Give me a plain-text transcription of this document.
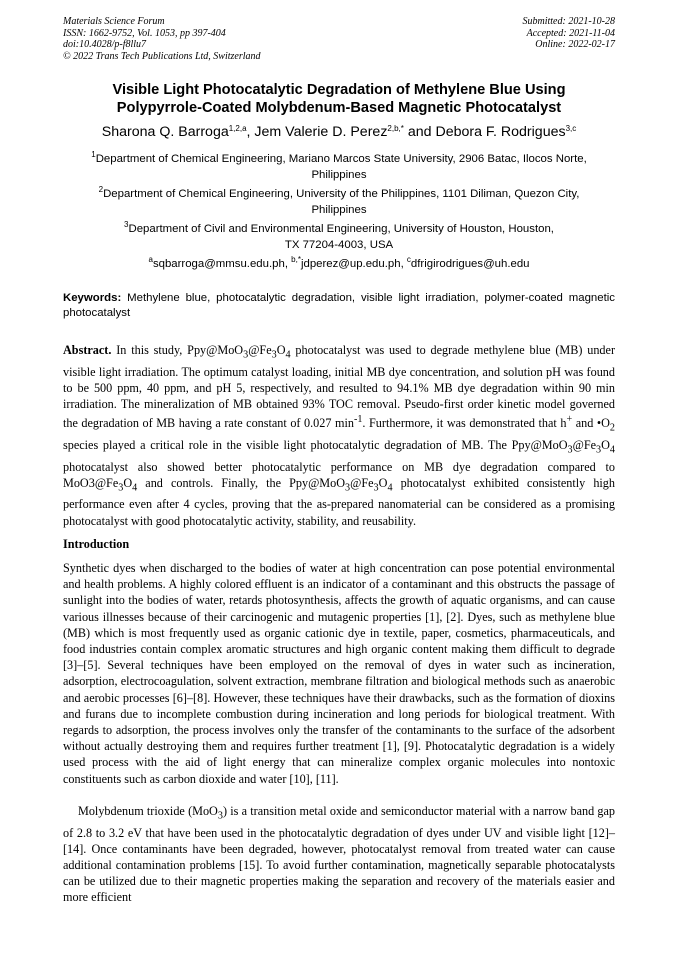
Materials Science Forum
ISSN: 1662-9752, Vol. 1053, pp 397-404
doi:10.4028/p-f8llu7
© 2022 Trans Tech Publications Ltd, Switzerland
Submitted: 2021-10-28
Accepted: 2021-11-04
Online: 2022-02-17
Visible Light Photocatalytic Degradation of Methylene Blue Using
Polypyrrole-Coated Molybdenum-Based Magnetic Photocatalyst
Sharona Q. Barroga$^{1,2,a}$, Jem Valerie D. Perez$^{2,b,*}$ and Debora F. Rodrigues$^{3,c}$
$^1$Department of Chemical Engineering, Mariano Marcos State University, 2906 Batac, Ilocos Norte,
Philippines
$^2$Department of Chemical Engineering, University of the Philippines, 1101 Diliman, Quezon City,
Philippines
$^3$Department of Civil and Environmental Engineering, University of Houston, Houston,
TX 77204-4003, USA
$^a$sqbarroga@mmsu.edu.ph, $^{b,*}$jdperez@up.edu.ph, $^c$dfrigirodrigues@uh.edu
Keywords: Methylene blue, photocatalytic degradation, visible light irradiation, polymer-coated magnetic photocatalyst
Abstract. In this study, $Ppy@MoO_3@Fe_3O_4$ photocatalyst was used to degrade methylene blue (MB) under visible light irradiation. The optimum catalyst loading, initial MB dye concentration, and solution pH was found to be 500 ppm, 40 ppm, and pH 5, respectively, and resulted to 94.1% MB dye degradation within 90 min irradiation. The mineralization of MB obtained 93% TOC removal. Pseudo-first order kinetic model governed the degradation of MB having a rate constant of 0.027 $\min^{-1}$. Furthermore, it was demonstrated that h+ and $•O_2$ species played a critical role in the visible light photocatalytic degradation of MB. The $Ppy@MoO_3@Fe_3O_4$ photocatalyst also showed better photocatalytic performance on MB dye degradation compared to $MoO3@Fe_3O_4$ and controls. Finally, the $Ppy@MoO_3@Fe_3O_4$ photocatalyst exhibited consistently high performance even after 4 cycles, proving that the as-prepared nanomaterial can be considered as a promising photocatalyst with good photocatalytic activity, stability, and reusability.
Introduction

Synthetic dyes when discharged to the bodies of water at high concentration can pose potential environmental and health problems. A highly colored effluent is an indicator of a contaminant and this obstructs the passage of sunlight into the bodies of water, retards photosynthesis, affects the growth of aquatic organisms, and can cause various illnesses because of their carcinogenic and mutagenic properties [1], [2]. Dyes, such as methylene blue (MB) which is most frequently used as organic cationic dye in textile, paper, cosmetics, pharmaceuticals, and food industries contain complex aromatic structures and high organic content making them difficult to degrade [3]–[5]. Several techniques have been employed on the removal of dyes in water such as incineration, adsorption, electrocoagulation, solvent extraction, membrane filtration and biological methods such as anaerobic and aerobic processes [6]–[8]. However, these techniques have their drawbacks, such as the formation of dioxins and furans due to incomplete combustion during incineration and long periods for biological treatment. With regards to adsorption, the process involves only the transfer of the contaminants to the surface of the adsorbent without actually destroying them and requires further treatment [1], [9]. Photocatalytic degradation is a widely used process with the aid of light energy that can mineralize complex organic molecules into nontoxic constituents such as carbon dioxide and water [10], [11].

Molybdenum trioxide (MoO$_3$) is a transition metal oxide and semiconductor material with a narrow band gap of 2.8 to 3.2 eV that have been used in the photocatalytic degradation of dyes under UV and visible light [12]–[14]. Once contaminants have been degraded, however, photocatalyst removal from treated water can cause additional contamination problems [15]. To avoid further contamination, magnetically separable photocatalysts can be utilized due to their magnetic properties making the separation and recovery of the materials easier and more efficient
